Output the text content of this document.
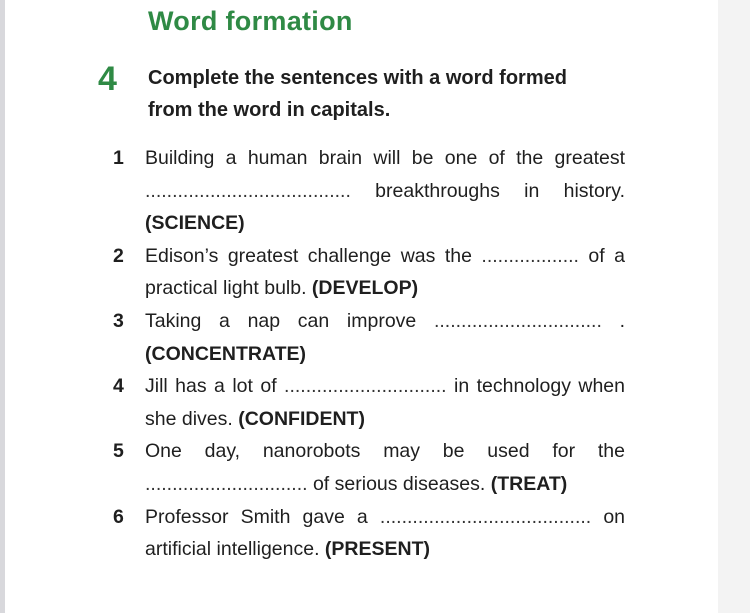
Word formation
4 Complete the sentences with a word formed from the word in capitals.
1 Building a human brain will be one of the greatest ...................................... breakthroughs in history. (SCIENCE)
2 Edison’s greatest challenge was the .................. of a practical light bulb. (DEVELOP)
3 Taking a nap can improve ............................... . (CONCENTRATE)
4 Jill has a lot of .............................. in technology when she dives. (CONFIDENT)
5 One day, nanorobots may be used for the .............................. of serious diseases. (TREAT)
6 Professor Smith gave a ....................................... on artificial intelligence. (PRESENT)
